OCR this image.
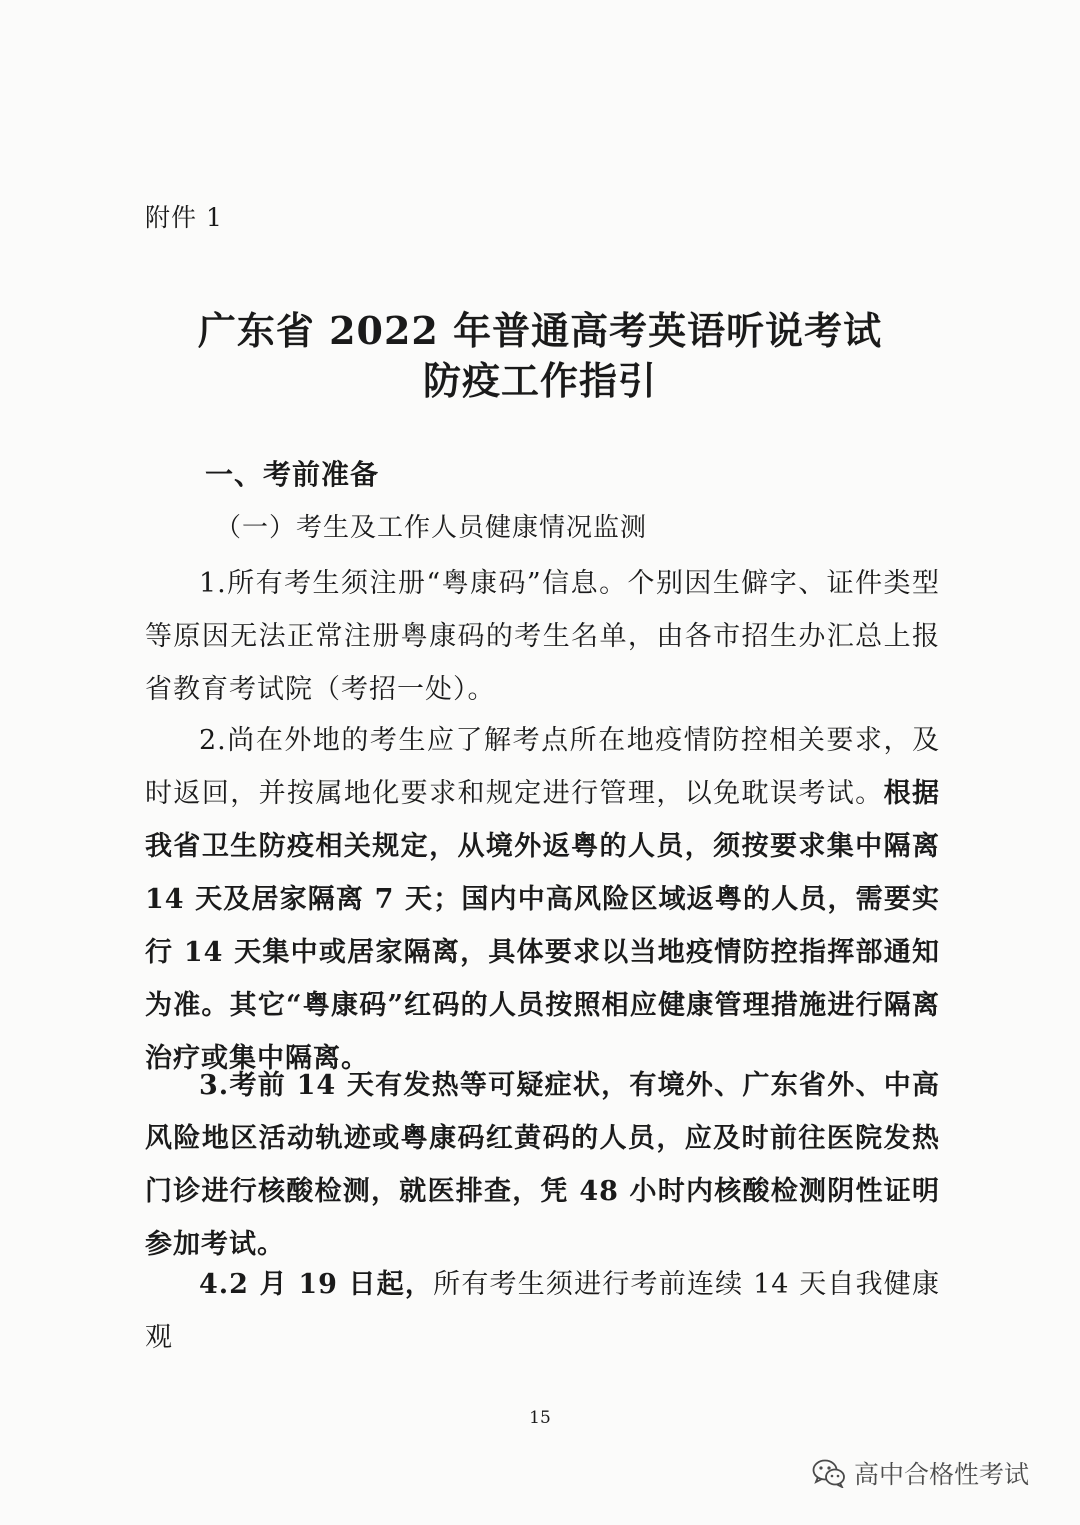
附件 1
广东省 2022 年普通高考英语听说考试
防疫工作指引
一、考前准备
（一）考生及工作人员健康情况监测

1.所有考生须注册“粤康码”信息。个别因生僻字、证件类型等原因无法正常注册粤康码的考生名单，由各市招生办汇总上报省教育考试院（考招一处）。

2.尚在外地的考生应了解考点所在地疫情防控相关要求，及时返回，并按属地化要求和规定进行管理，以免耽误考试。根据我省卫生防疫相关规定，从境外返粤的人员，须按要求集中隔离 14 天及居家隔离 7 天；国内中高风险区域返粤的人员，需要实行 14 天集中或居家隔离，具体要求以当地疫情防控指挥部通知为准。其它“粤康码”红码的人员按照相应健康管理措施进行隔离治疗或集中隔离。

3.考前 14 天有发热等可疑症状，有境外、广东省外、中高风险地区活动轨迹或粤康码红黄码的人员，应及时前往医院发热门诊进行核酸检测，就医排查，凭 48 小时内核酸检测阴性证明参加考试。

4.2 月 19 日起，所有考生须进行考前连续 14 天自我健康观

15
高中合格性考试
